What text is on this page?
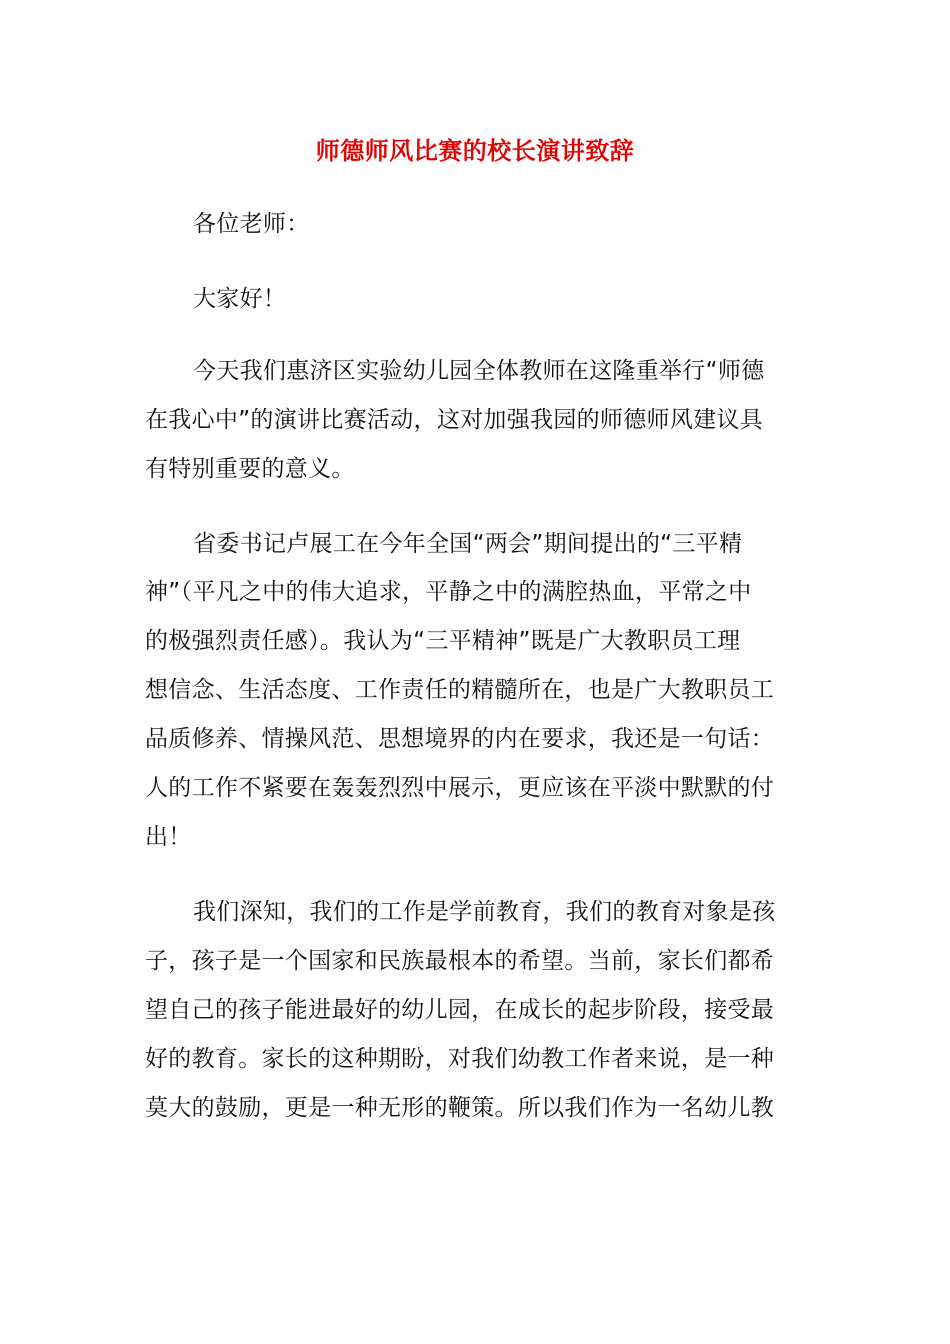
师德师风比赛的校长演讲致辞
各位老师：
大家好！
今天我们惠济区实验幼儿园全体教师在这隆重举行“师德
在我心中”的演讲比赛活动，这对加强我园的师德师风建议具
有特别重要的意义。
省委书记卢展工在今年全国“两会”期间提出的“三平精
神”（平凡之中的伟大追求，平静之中的满腔热血，平常之中
的极强烈责任感）。我认为“三平精神”既是广大教职员工理
想信念、生活态度、工作责任的精髓所在，也是广大教职员工
品质修养、情操风范、思想境界的内在要求，我还是一句话：
人的工作不紧要在轰轰烈烈中展示，更应该在平淡中默默的付
出！
我们深知，我们的工作是学前教育，我们的教育对象是孩
子，孩子是一个国家和民族最根本的希望。当前，家长们都希
望自己的孩子能进最好的幼儿园，在成长的起步阶段，接受最
好的教育。家长的这种期盼，对我们幼教工作者来说，是一种
莫大的鼓励，更是一种无形的鞭策。所以我们作为一名幼儿教
